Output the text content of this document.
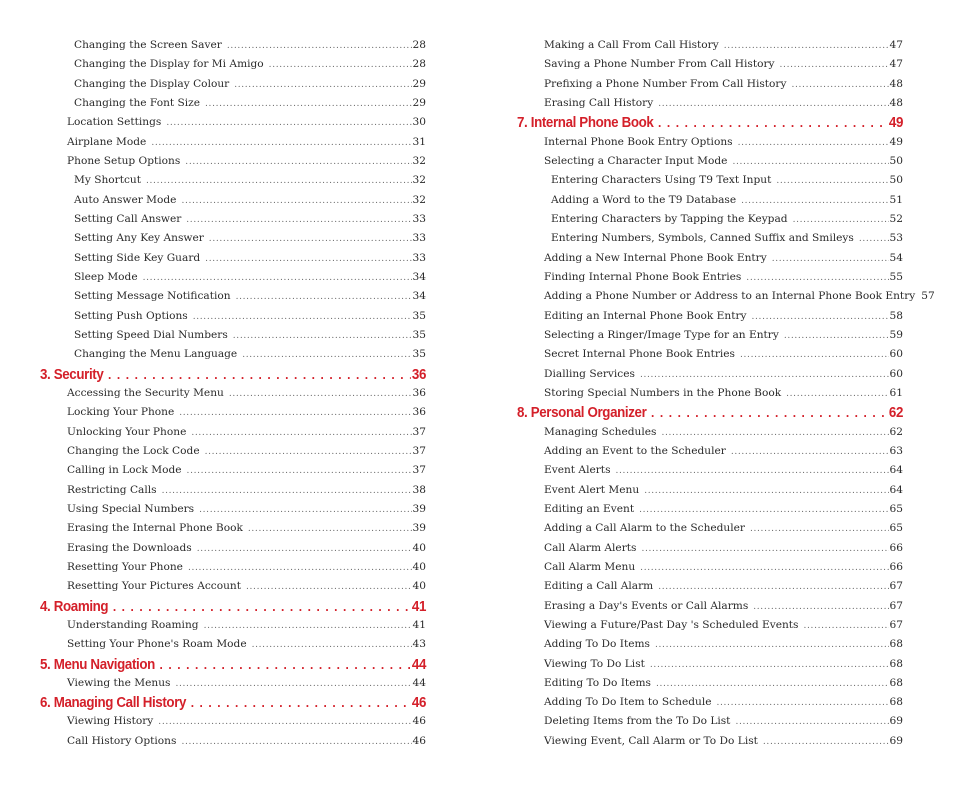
Changing the Screen Saver . . .	28
Changing the Display for Mi Amigo . . .	28
Changing the Display Colour . . .	29
Changing the Font Size . . .	29
Location Settings . . .	30
Airplane Mode . . .	31
Phone Setup Options . . .	32
My Shortcut . . .	32
Auto Answer Mode . . .	32
Setting Call Answer . . .	33
Setting Any Key Answer . . .	33
Setting Side Key Guard . . .	33
Sleep Mode . . .	34
Setting Message Notification . . .	34
Setting Push Options . . .	35
Setting Speed Dial Numbers . . .	35
Changing the Menu Language . . .	35
3. Security . . .	36
Accessing the Security Menu . . .	36
Locking Your Phone . . .	36
Unlocking Your Phone . . .	37
Changing the Lock Code . . .	37
Calling in Lock Mode . . .	37
Restricting Calls . . .	38
Using Special Numbers . . .	39
Erasing the Internal Phone Book . . .	39
Erasing the Downloads . . .	40
Resetting Your Phone . . .	40
Resetting Your Pictures Account . . .	40
4. Roaming . . .	41
Understanding Roaming . . .	41
Setting Your Phone's Roam Mode . . .	43
5. Menu Navigation . . .	44
Viewing the Menus . . .	44
6. Managing Call History . . .	46
Viewing History . . .	46
Call History Options . . .	46
Making a Call From Call History . . .	47
Saving a Phone Number From Call History . . .	47
Prefixing a Phone Number From Call History . . .	48
Erasing Call History . . .	48
7. Internal Phone Book . . .	49
Internal Phone Book Entry Options . . .	49
Selecting a Character Input Mode . . .	50
Entering Characters Using T9 Text Input . . .	50
Adding a Word to the T9 Database . . .	51
Entering Characters by Tapping the Keypad . . .	52
Entering Numbers, Symbols, Canned Suffix and Smileys . . .	53
Adding a New Internal Phone Book Entry . . .	54
Finding Internal Phone Book Entries . . .	55
Adding a Phone Number or Address to an Internal Phone Book Entry 57
Editing an Internal Phone Book Entry . . .	58
Selecting a Ringer/Image Type for an Entry . . .	59
Secret Internal Phone Book Entries . . .	60
Dialling Services . . .	60
Storing Special Numbers in the Phone Book . . .	61
8. Personal Organizer . . .	62
Managing Schedules . . .	62
Adding an Event to the Scheduler . . .	63
Event Alerts . . .	64
Event Alert Menu . . .	64
Editing an Event . . .	65
Adding a Call Alarm to the Scheduler . . .	65
Call Alarm Alerts . . .	66
Call Alarm Menu . . .	66
Editing a Call Alarm . . .	67
Erasing a Day's Events or Call Alarms . . .	67
Viewing a Future/Past Day 's Scheduled Events . . .	67
Adding To Do Items . . .	68
Viewing To Do List . . .	68
Editing To Do Items . . .	68
Adding To Do Item to Schedule . . .	68
Deleting Items from the To Do List . . .	69
Viewing Event, Call Alarm or To Do List . . .	69
